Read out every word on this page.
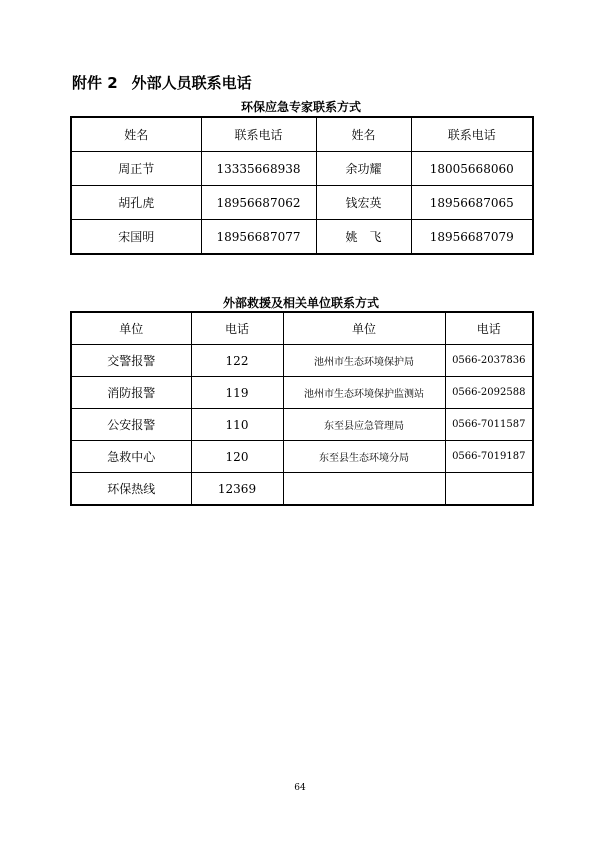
附件 2 外部人员联系电话
环保应急专家联系方式
姓名	联系电话	姓名	联系电话
周正节	13335668938	余功耀	18005668060
胡孔虎	18956687062	钱宏英	18956687065
宋国明	18956687077	姚　飞	18956687079
外部救援及相关单位联系方式
单位	电话	单位	电话
交警报警	122	池州市生态环境保护局	0566-2037836
消防报警	119	池州市生态环境保护监测站	0566-2092588
公安报警	110	东至县应急管理局	0566-7011587
急救中心	120	东至县生态环境分局	0566-7019187
环保热线	12369		
64
